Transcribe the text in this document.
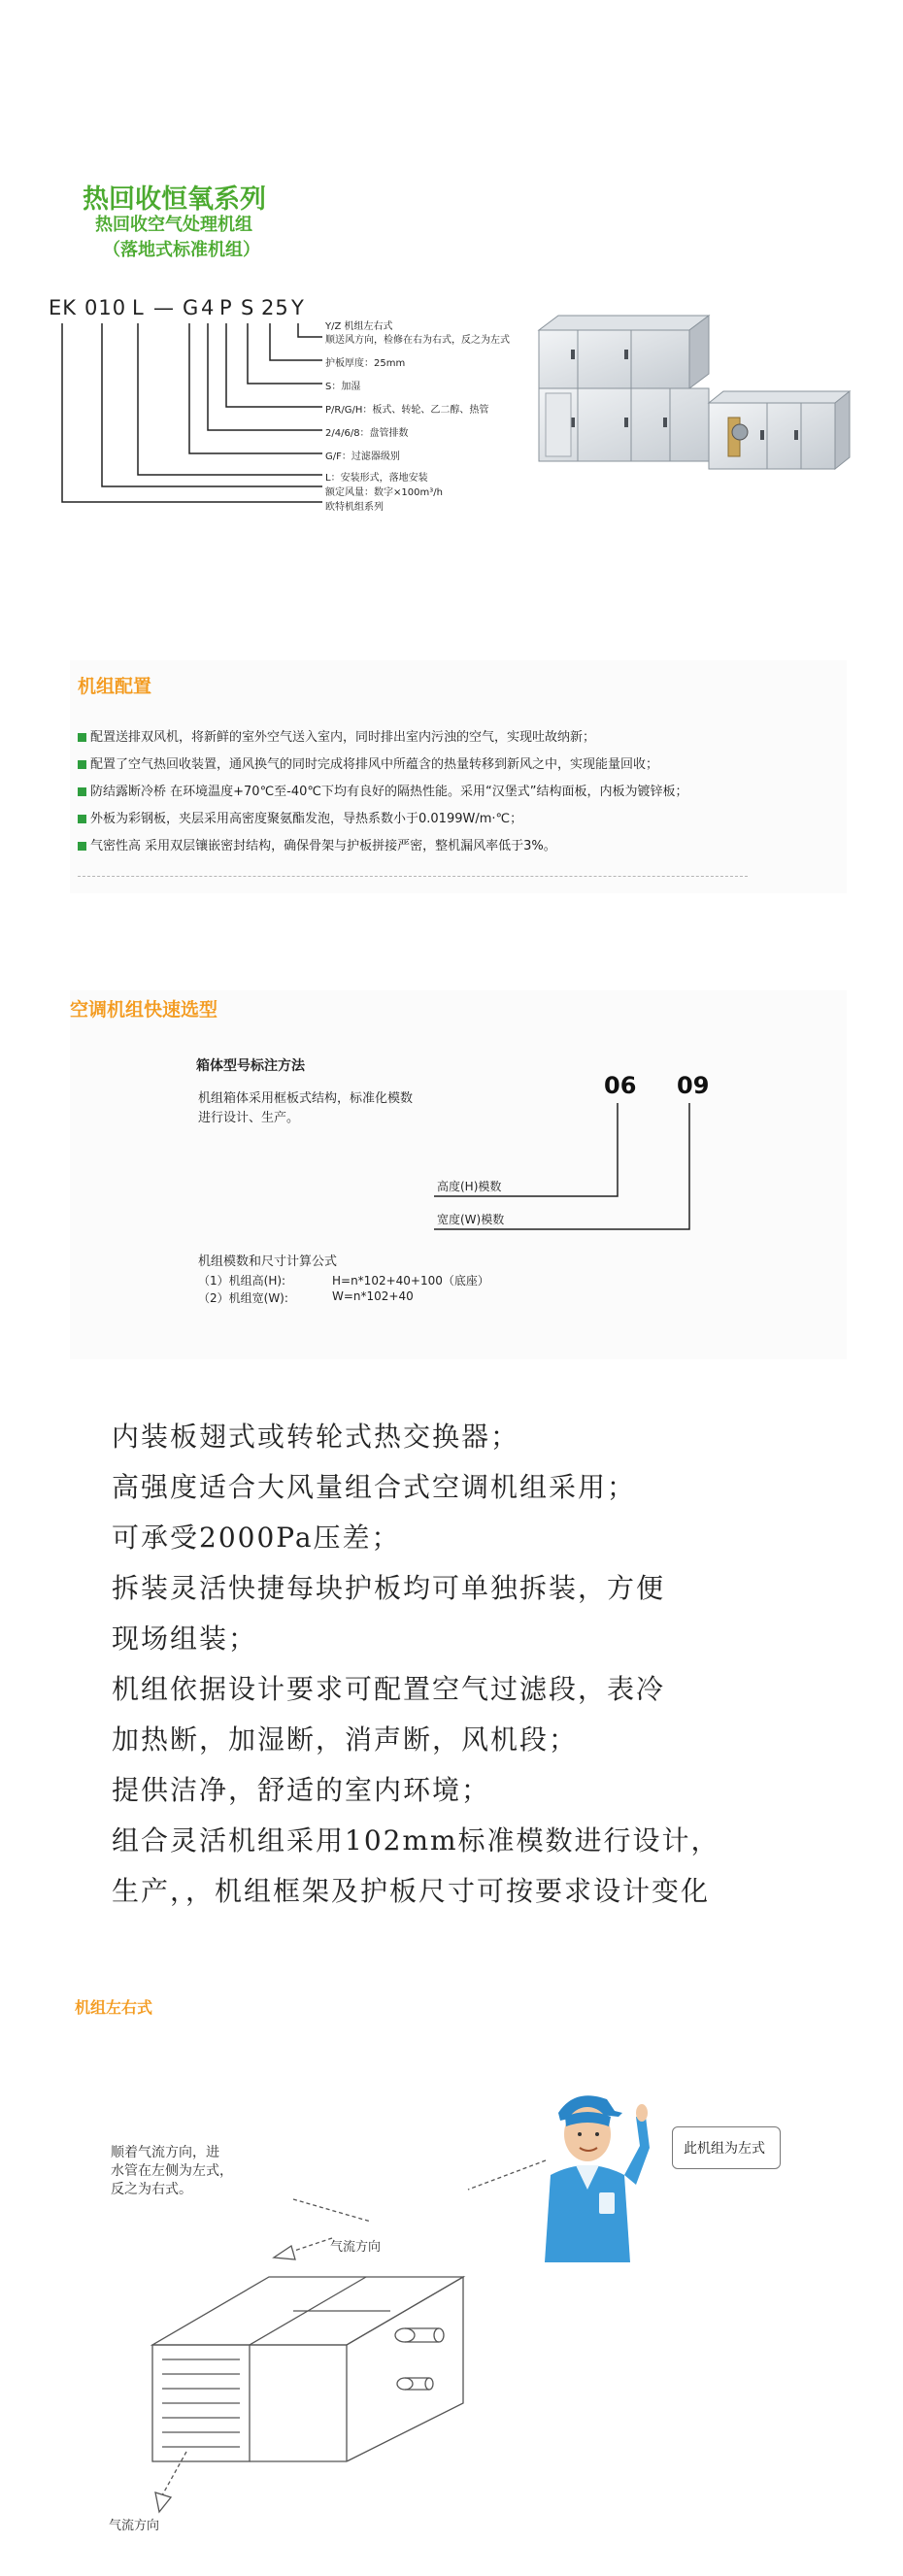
热回收恒氧系列
热回收空气处理机组
（落地式标准机组）
EK 010 L — G 4 P S 25 Y
Y/Z 机组左右式
顺送风方向，检修在右为右式，反之为左式
护板厚度：25mm
S：加湿
P/R/G/H：板式、转轮、乙二醇、热管
2/4/6/8：盘管排数
G/F：过滤器级别
L：安装形式，落地安装
额定风量：数字×100m³/h
欧特机组系列
机组配置
配置送排双风机，将新鲜的室外空气送入室内，同时排出室内污浊的空气，实现吐故纳新；
配置了空气热回收装置，通风换气的同时完成将排风中所蕴含的热量转移到新风之中，实现能量回收；
防结露断冷桥 在环境温度+70℃至-40℃下均有良好的隔热性能。采用“汉堡式”结构面板，内板为镀锌板；
外板为彩钢板，夹层采用高密度聚氨酯发泡，导热系数小于0.0199W/m·℃；
气密性高 采用双层镶嵌密封结构，确保骨架与护板拼接严密，整机漏风率低于3%。
空调机组快速选型
箱体型号标注方法
机组箱体采用框板式结构，标准化模数
进行设计、生产。
06 09
高度(H)模数
宽度(W)模数
机组模数和尺寸计算公式
（1）机组高(H):	H=n*102+40+100（底座）
（2）机组宽(W):	W=n*102+40
内装板翅式或转轮式热交换器；
高强度适合大风量组合式空调机组采用；
可承受2000Pa压差；
拆装灵活快捷每块护板均可单独拆装，方便
现场组装；
机组依据设计要求可配置空气过滤段，表冷
加热断，加湿断，消声断，风机段；
提供洁净，舒适的室内环境；
组合灵活机组采用102mm标准模数进行设计，
生产，，机组框架及护板尺寸可按要求设计变化
机组左右式
顺着气流方向，进
水管在左侧为左式，
反之为右式。
气流方向
气流方向
此机组为左式
